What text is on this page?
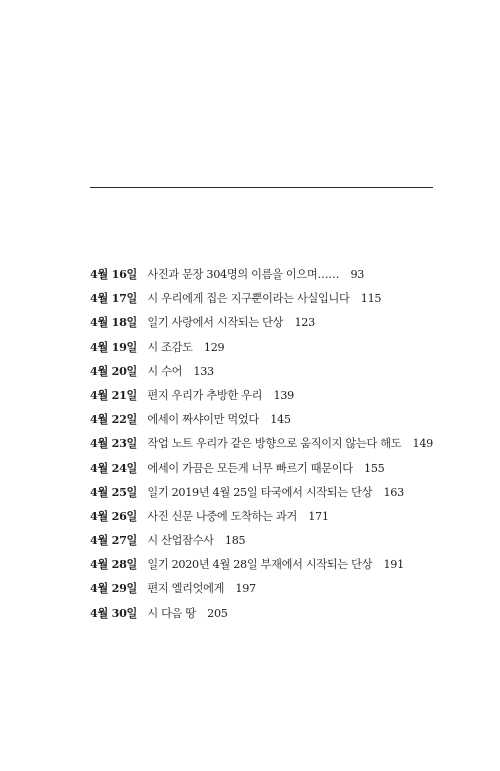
4월 16일 사진과 문장 304명의 이름을 이으며…… 93
4월 17일 시 우리에게 집은 지구뿐이라는 사실입니다 115
4월 18일 일기 사랑에서 시작되는 단상 123
4월 19일 시 조감도 129
4월 20일 시 수어 133
4월 21일 편지 우리가 추방한 우리 139
4월 22일 에세이 짜샤이만 먹었다 145
4월 23일 작업 노트 우리가 같은 방향으로 움직이지 않는다 해도 149
4월 24일 에세이 가끔은 모든게 너무 빠르기 때문이다 155
4월 25일 일기 2019년 4월 25일 타국에서 시작되는 단상 163
4월 26일 사진 신문 나중에 도착하는 과거 171
4월 27일 시 산업잠수사 185
4월 28일 일기 2020년 4월 28일 부재에서 시작되는 단상 191
4월 29일 편지 엘리엇에게 197
4월 30일 시 다음 땅 205
